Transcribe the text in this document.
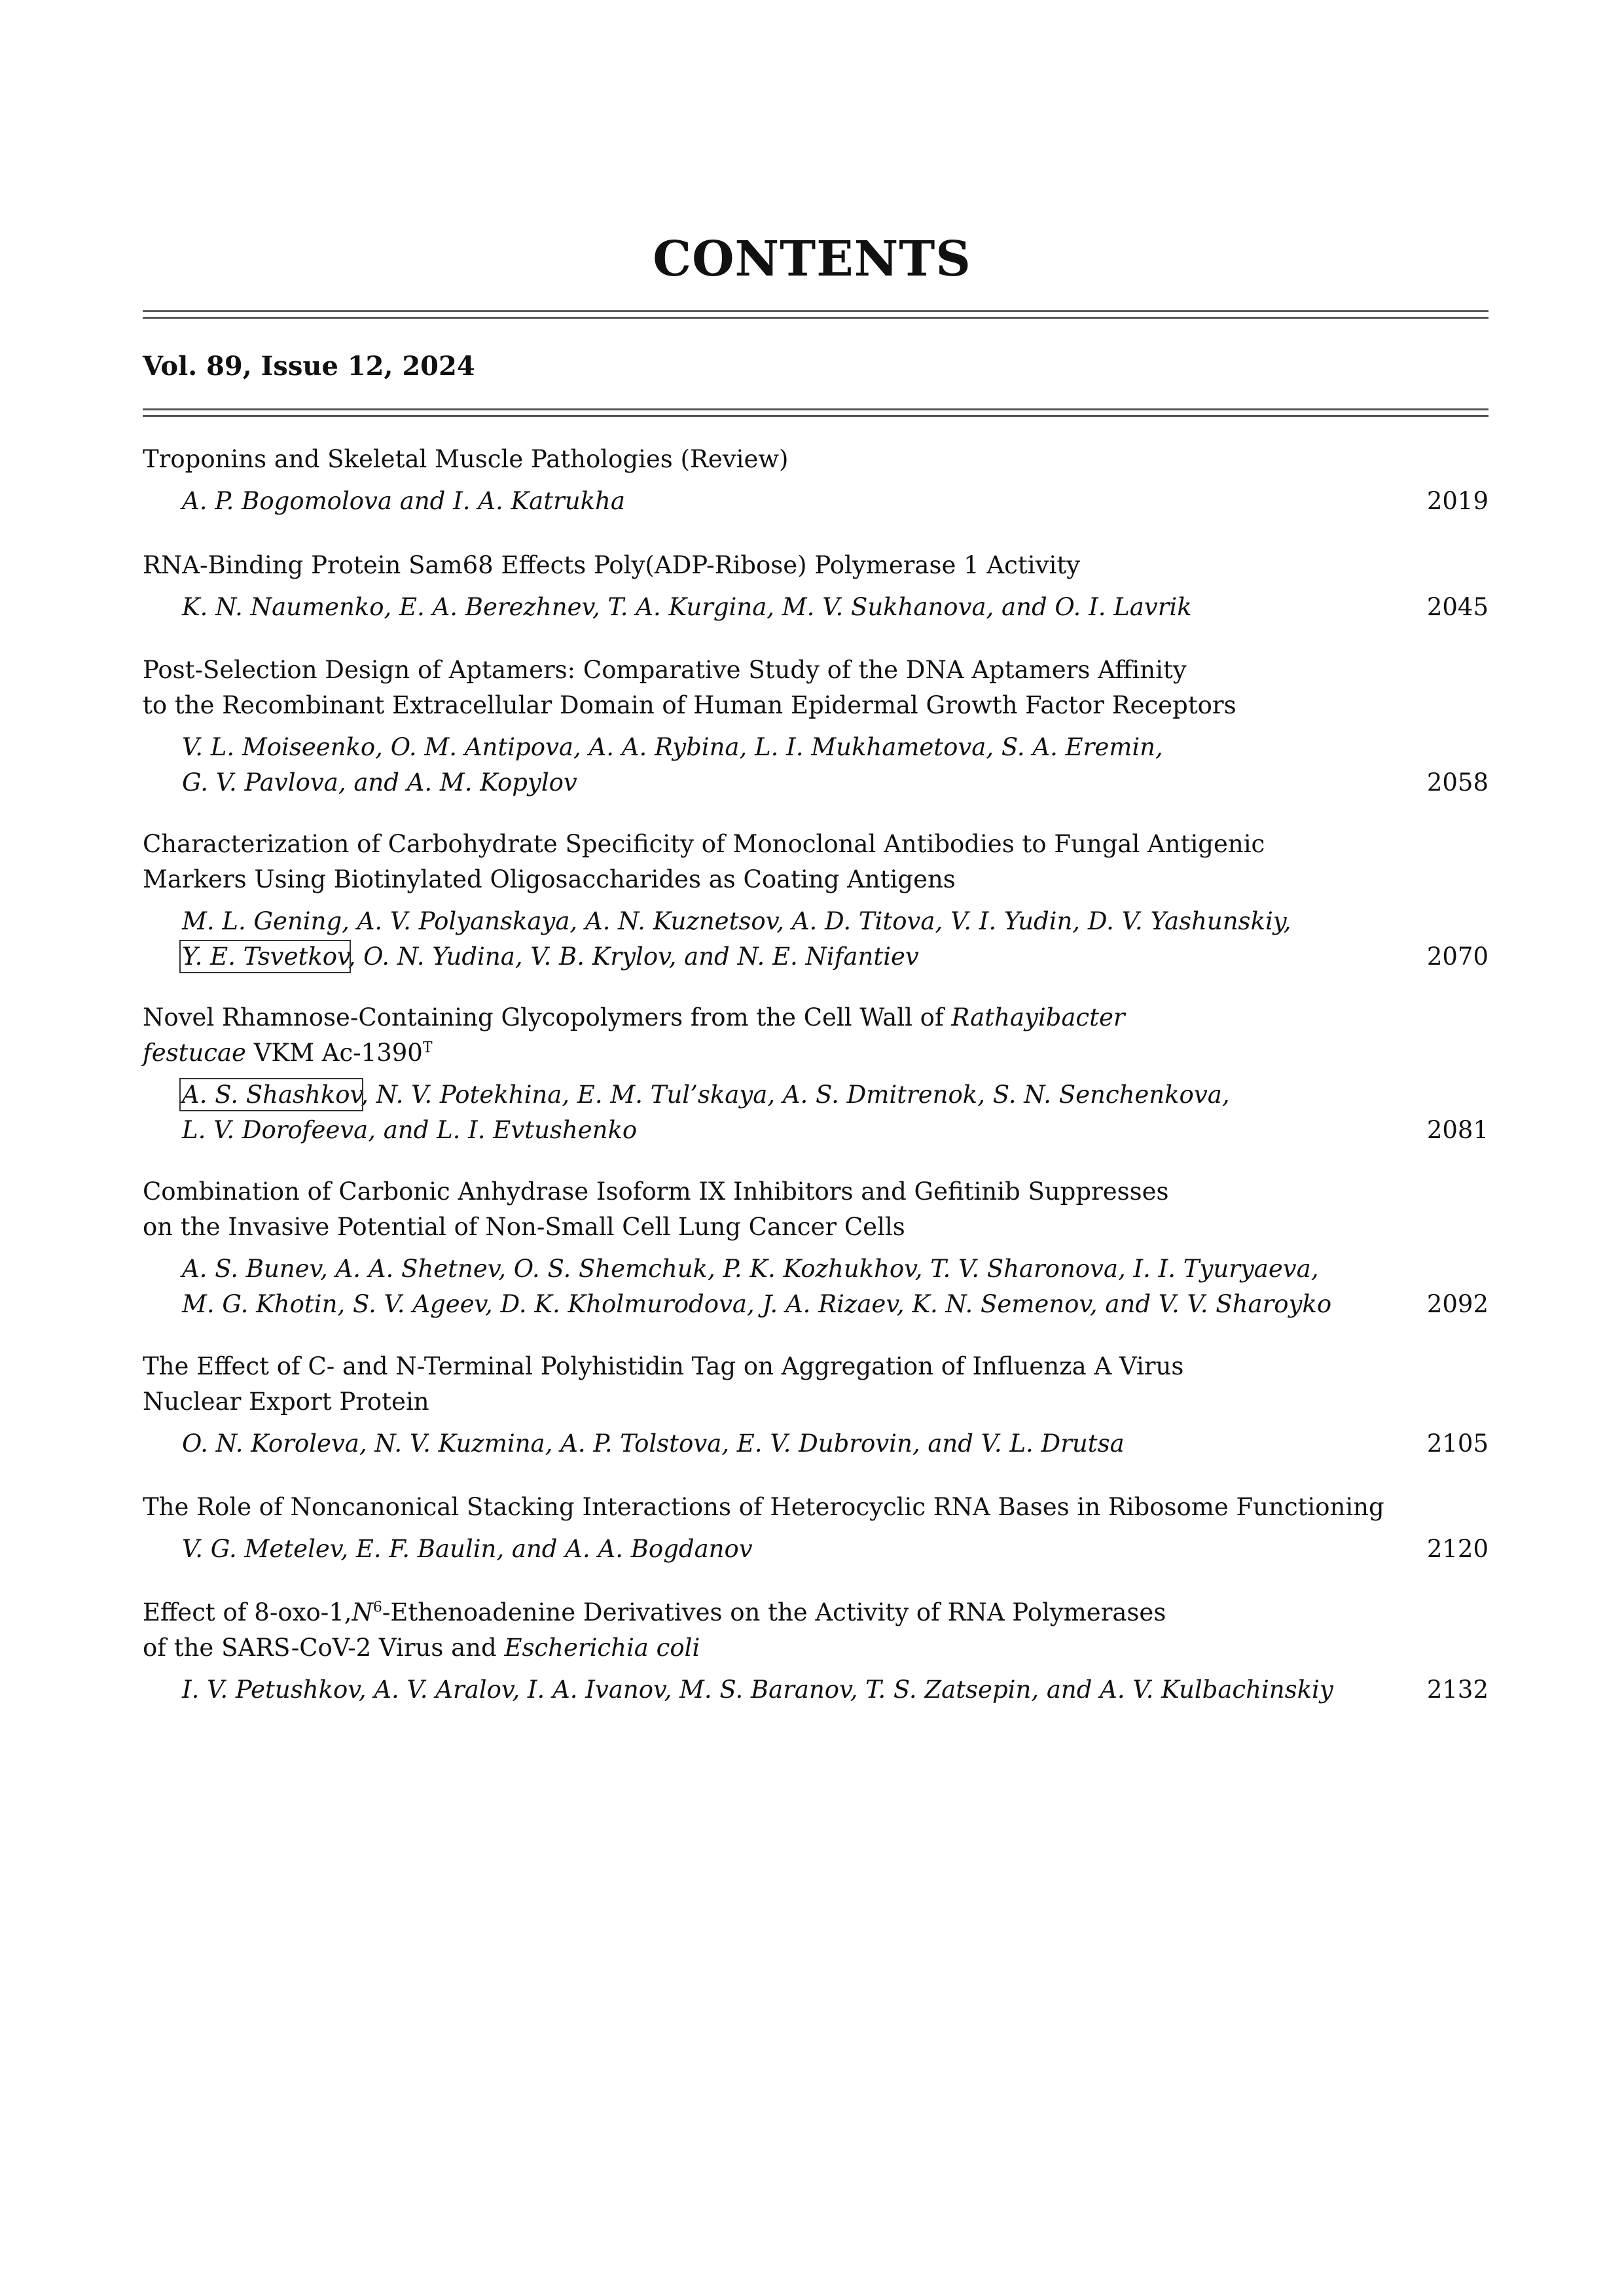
CONTENTS

Vol. 89, Issue 12, 2024

Troponins and Skeletal Muscle Pathologies (Review)

A. P. Bogomolova and I. A. Katrukha	2019

RNA-Binding Protein Sam68 Effects Poly(ADP-Ribose) Polymerase 1 Activity

K. N. Naumenko, E. A. Berezhnev, T. A. Kurgina, M. V. Sukhanova, and O. I. Lavrik	2045

Post-Selection Design of Aptamers: Comparative Study of the DNA Aptamers Affinity

to the Recombinant Extracellular Domain of Human Epidermal Growth Factor Receptors

V. L. Moiseenko, O. M. Antipova, A. A. Rybina, L. I. Mukhametova, S. A. Eremin,

G. V. Pavlova, and A. M. Kopylov	2058

Characterization of Carbohydrate Specificity of Monoclonal Antibodies to Fungal Antigenic

Markers Using Biotinylated Oligosaccharides as Coating Antigens

M. L. Gening, A. V. Polyanskaya, A. N. Kuznetsov, A. D. Titova, V. I. Yudin, D. V. Yashunskiy,

Y. E. Tsvetkov, O. N. Yudina, V. B. Krylov, and N. E. Nifantiev	2070

Novel Rhamnose-Containing Glycopolymers from the Cell Wall of Rathayibacter

festucae VKM $Ac-1390^T$

A. S. Shashkov, N. V. Potekhina, E. M. Tul’skaya, A. S. Dmitrenok, S. N. Senchenkova,

L. V. Dorofeeva, and L. I. Evtushenko	2081

Combination of Carbonic Anhydrase Isoform IX Inhibitors and Gefitinib Suppresses

on the Invasive Potential of Non-Small Cell Lung Cancer Cells

A. S. Bunev, A. A. Shetnev, O. S. Shemchuk, P. K. Kozhukhov, T. V. Sharonova, I. I. Tyuryaeva,

M. G. Khotin, S. V. Ageev, D. K. Kholmurodova, J. A. Rizaev, K. N. Semenov, and V. V. Sharoyko	2092

The Effect of C- and N-Terminal Polyhistidin Tag on Aggregation of Influenza A Virus

Nuclear Export Protein

O. N. Koroleva, N. V. Kuzmina, A. P. Tolstova, E. V. Dubrovin, and V. L. Drutsa	2105

The Role of Noncanonical Stacking Interactions of Heterocyclic RNA Bases in Ribosome Functioning

V. G. Metelev, E. F. Baulin, and A. A. Bogdanov	2120

Effect of $8-oxo-1,N^6$-Ethenoadenine Derivatives on the Activity of RNA Polymerases

of the SARS-CoV-2 Virus and Escherichia coli

I. V. Petushkov, A. V. Aralov, I. A. Ivanov, M. S. Baranov, T. S. Zatsepin, and A. V. Kulbachinskiy	2132
